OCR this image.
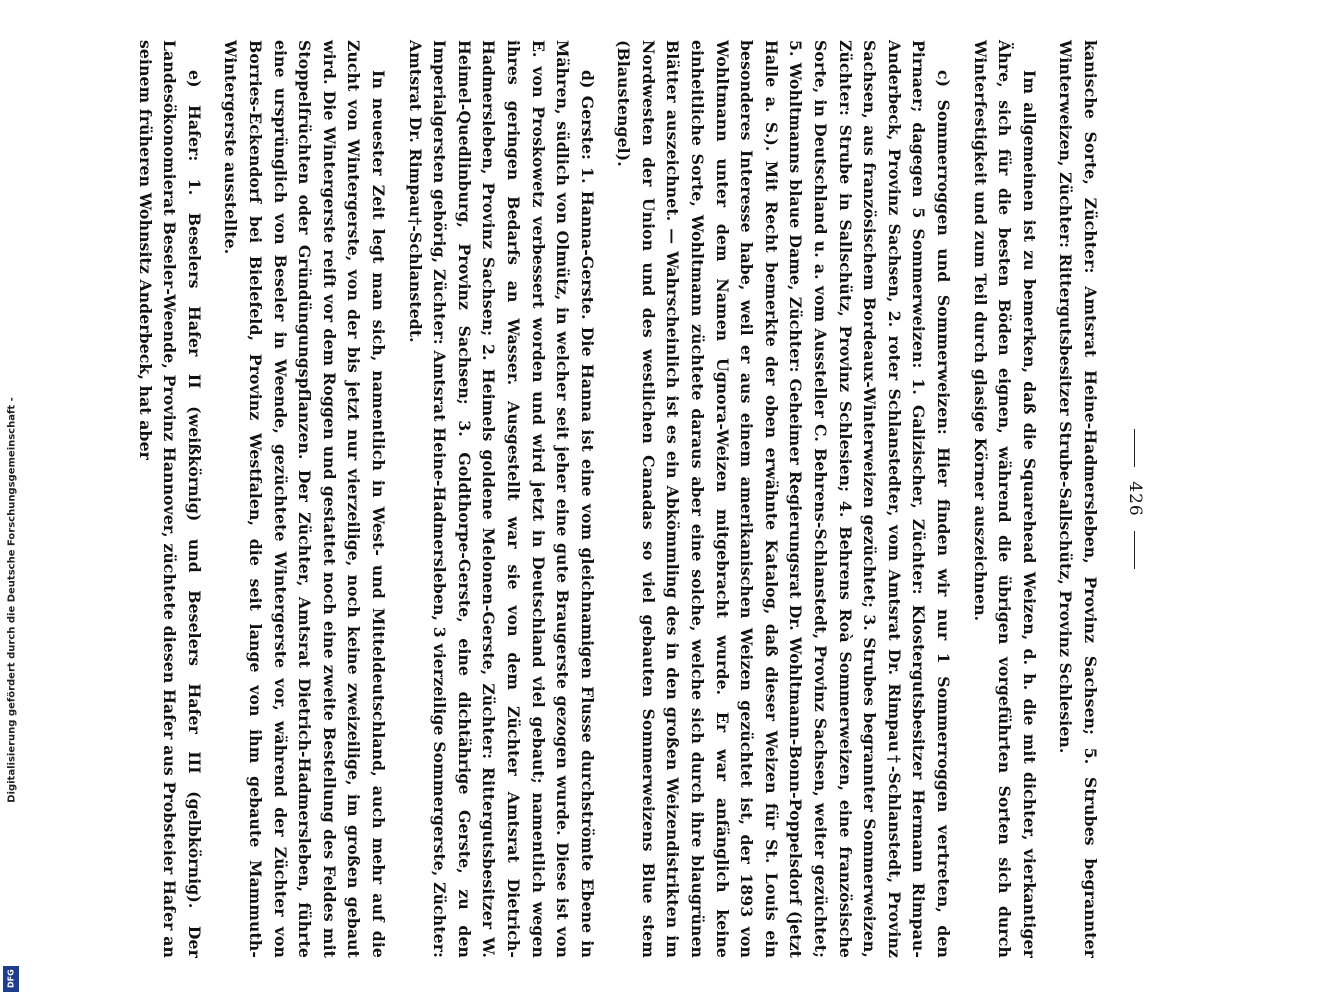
Digitalisierung gefördert durch die Deutsche Forschungsgemeinschaft -
DFG
426

kanische Sorte, Züchter: Amtsrat Heine-Hadmersleben, Provinz Sachsen; 5. Strubes begrannter Winterweizen, Züchter: Rittergutsbesitzer Strube-Sallschütz, Provinz Schlesien.

Im allgemeinen ist zu bemerken, daß die Squarehead Weizen, d. h. die mit dichter, vierkantiger Ähre, sich für die besten Böden eignen, während die übrigen vorgeführten Sorten sich durch Winterfestigkeit und zum Teil durch glasige Körner auszeichnen.

c) Sommerroggen und Sommerweizen: Hier finden wir nur 1 Sommerroggen vertreten, den Pirnaer; dagegen 5 Sommerweizen: 1. Galizischer, Züchter: Klostergutsbesitzer Hermann Rimpau-Anderbeck, Provinz Sachsen, 2. roter Schlanstedter, vom Amtsrat Dr. Rimpau†-Schlanstedt, Provinz Sachsen, aus französischem Bordeaux-Winterweizen gezüchtet; 3. Strubes begrannter Sommerweizen, Züchter: Strube in Sallschütz, Provinz Schlesien; 4. Behrens Roà Sommerweizen, eine französische Sorte, in Deutschland u. a. vom Aussteller C. Behrens-Schlanstedt, Provinz Sachsen, weiter gezüchtet; 5. Wohltmanns blaue Dame, Züchter: Geheimer Regierungsrat Dr. Wohltmann-Bonn-Poppelsdorf (jetzt Halle a. S.). Mit Recht bemerkte der oben erwähnte Katalog, daß dieser Weizen für St. Louis ein besonderes Interesse habe, weil er aus einem amerikanischen Weizen gezüchtet ist, der 1893 von Wohltmann unter dem Namen Ugnora-Weizen mitgebracht wurde. Er war anfänglich keine einheitliche Sorte, Wohltmann züchtete daraus aber eine solche, welche sich durch ihre blaugrünen Blätter auszeichnet. — Wahrscheinlich ist es ein Abkömmling des in den großen Weizendistrikten im Nordwesten der Union und des westlichen Canadas so viel gebauten Sommerweizens Blue stem (Blaustengel).

d) Gerste: 1. Hanna-Gerste. Die Hanna ist eine vom gleichnamigen Flusse durchströmte Ebene in Mähren, südlich von Olmütz, in welcher seit jeher eine gute Braugerste gezogen wurde. Diese ist von E. von Proskowetz verbessert worden und wird jetzt in Deutschland viel gebaut; namentlich wegen ihres geringen Bedarfs an Wasser. Ausgestellt war sie von dem Züchter Amtsrat Dietrich-Hadmersleben, Provinz Sachsen; 2. Heimels goldene Melonen-Gerste, Züchter: Rittergutsbesitzer W. Heimel-Quedlinburg, Provinz Sachsen; 3. Goldthorpe-Gerste, eine dichtährige Gerste, zu den Imperialgersten gehörig, Züchter: Amtsrat Heine-Hadmersleben, 3 vierzeilige Sommergerste, Züchter: Amtsrat Dr. Rimpau†-Schlanstedt.

In neuester Zeit legt man sich, namentlich in West- und Mitteldeutschland, auch mehr auf die Zucht von Wintergerste, von der bis jetzt nur vierzeilige, noch keine zweizeilige, im großen gebaut wird. Die Wintergerste reift vor dem Roggen und gestattet noch eine zweite Bestellung des Feldes mit Stoppelfrüchten oder Gründüngungspflanzen. Der Züchter, Amtsrat Dietrich-Hadmersleben, führte eine ursprünglich von Beseler in Weende, gezüchtete Wintergerste vor, während der Züchter von Borries-Eckendorf bei Bielefeld, Provinz Westfalen, die seit lange von ihm gebaute Mammuth-Wintergerste ausstellte.

e) Hafer: 1. Beselers Hafer II (weißkörnig) und Beselers Hafer III (gelbkörnig). Der Landesökonomierat Beseler-Weende, Provinz Hannover, züchtete diesen Hafer aus Probsteier Hafer an seinem früheren Wohnsitz Anderbeck, hat aber
